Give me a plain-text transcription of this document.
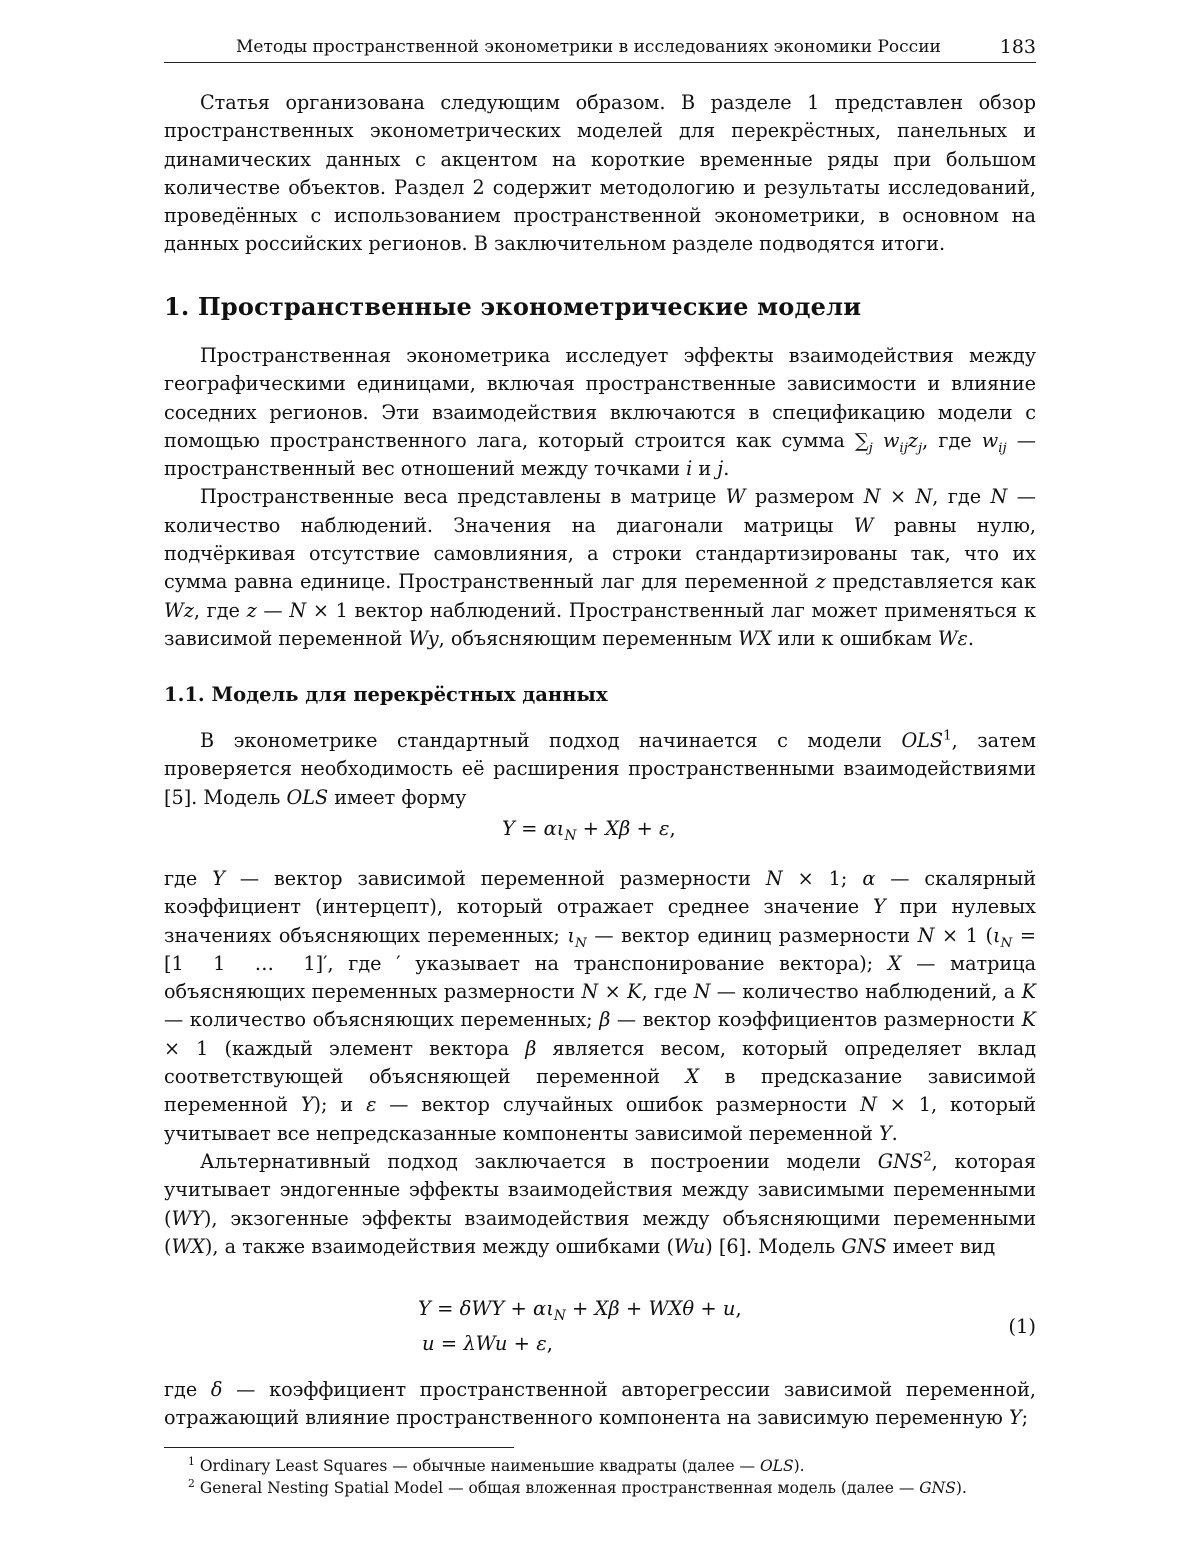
Методы пространственной эконометрики в исследованиях экономики России	183

Статья организована следующим образом. В разделе 1 представлен обзор пространственных эконометрических моделей для перекрёстных, панельных и динамических данных с акцентом на короткие временные ряды при большом количестве объектов. Раздел 2 содержит методологию и результаты исследований, проведённых с использованием пространственной эконометрики, в основном на данных российских регионов. В заключительном разделе подводятся итоги.

1. Пространственные эконометрические модели

Пространственная эконометрика исследует эффекты взаимодействия между географическими единицами, включая пространственные зависимости и влияние соседних регионов. Эти взаимодействия включаются в спецификацию модели с помощью пространственного лага, который строится как сумма $\sum_j$ $w_{ij}z_j$, где $w_{ij}$ — пространственный вес отношений между точками i и j.

Пространственные веса представлены в матрице W размером N × N, где N — количество наблюдений. Значения на диагонали матрицы W равны нулю, подчёркивая отсутствие самовлияния, а строки стандартизированы так, что их сумма равна единице. Пространственный лаг для переменной z представляется как Wz, где z — N × 1 вектор наблюдений. Пространственный лаг может применяться к зависимой переменной Wy, объясняющим переменным WX или к ошибкам Wε.

1.1. Модель для перекрёстных данных

В эконометрике стандартный подход начинается с модели OLS$^1$, затем проверяется необходимость её расширения пространственными взаимодействиями [5]. Модель OLS имеет форму

$Y = \alpha\iota_N + X\beta + \varepsilon$,

где Y — вектор зависимой переменной размерности N × 1; α — скалярный коэффициент (интерцепт), который отражает среднее значение Y при нулевых значениях объясняющих переменных; $\iota_N$ — вектор единиц размерности N × 1 ($\iota_N = [1$  1  …  1]′, где ′ указывает на транспонирование вектора); X — матрица объясняющих переменных размерности N × K, где N — количество наблюдений, а K — количество объясняющих переменных; β — вектор коэффициентов размерности K × 1 (каждый элемент вектора β является весом, который определяет вклад соответствующей объясняющей переменной X в предсказание зависимой переменной Y); и ε — вектор случайных ошибок размерности N × 1, который учитывает все непредсказанные компоненты зависимой переменной Y.

Альтернативный подход заключается в построении модели GNS$^2$, которая учитывает эндогенные эффекты взаимодействия между зависимыми переменными (WY), экзогенные эффекты взаимодействия между объясняющими переменными (WX), а также взаимодействия между ошибками (Wu) [6]. Модель GNS имеет вид

$Y = \delta WY + \alpha\iota_N + X\beta + WX\theta + u$,
u = λWu + ε,
(1)

где δ — коэффициент пространственной авторегрессии зависимой переменной, отражающий влияние пространственного компонента на зависимую переменную Y;

$^1$ Ordinary Least Squares — обычные наименьшие квадраты (далее — OLS).
$^2$ General Nesting Spatial Model — общая вложенная пространственная модель (далее — GNS).
